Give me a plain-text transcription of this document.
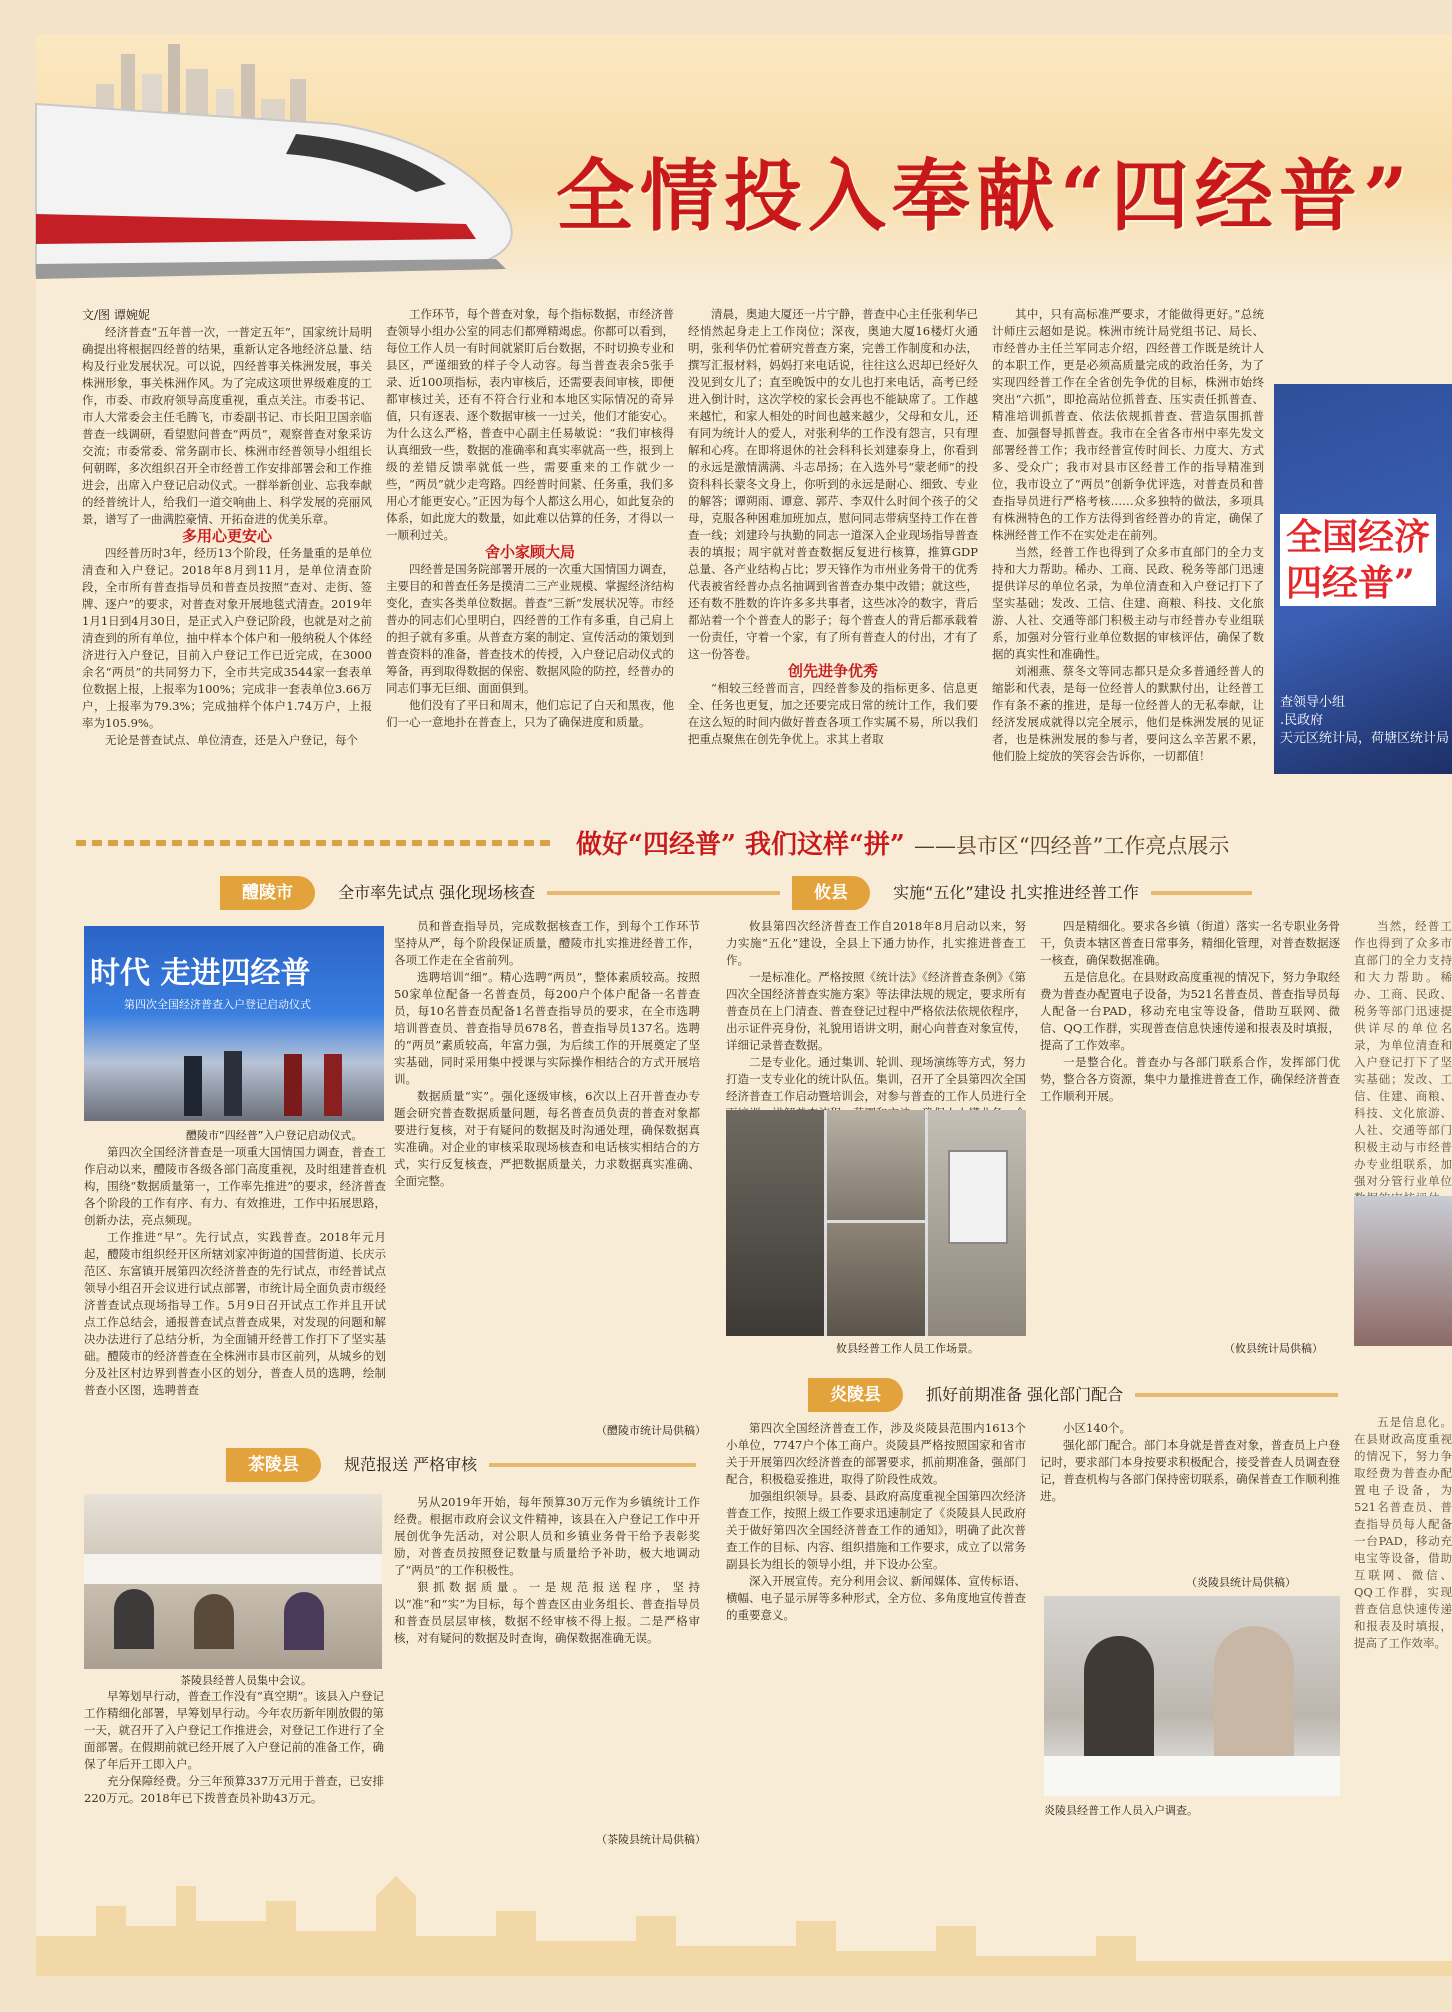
全情投入奉献“四经普”
文/图 谭婉妮

经济普查“五年普一次，一普定五年”，国家统计局明确提出将根据四经普的结果，重新认定各地经济总量、结构及行业发展状况。可以说，四经普事关株洲发展，事关株洲形象，事关株洲作风。为了完成这项世界级难度的工作，市委、市政府领导高度重视，重点关注。市委书记、市人大常委会主任毛腾飞，市委副书记、市长阳卫国亲临普查一线调研，看望慰问普查“两员”，观察普查对象采访交流；市委常委、常务副市长、株洲市经普领导小组组长何朝晖，多次组织召开全市经普工作安排部署会和工作推进会，出席入户登记启动仪式。一群举新创业、忘我奉献的经普统计人，给我们一道交响曲上、科学发展的亮丽风景，谱写了一曲满腔豪情、开拓奋进的优美乐章。

多用心更安心

四经普历时3年，经历13个阶段，任务量重的是单位清查和入户登记。2018年8月到11月，是单位清查阶段，全市所有普查指导员和普查员按照“查对、走街、签牌、逐户”的要求，对普查对象开展地毯式清查。2019年1月1日到4月30日，是正式入户登记阶段，也就是对之前清查到的所有单位，抽中样本个体户和一般纳税人个体经济进行入户登记，目前入户登记工作已近完成，在3000余名“两员”的共同努力下，全市共完成3544家一套表单位数据上报，上报率为100%；完成非一套表单位3.66万户，上报率为79.3%；完成抽样个体户1.74万户，上报率为105.9%。

无论是普查试点、单位清查，还是入户登记，每个

工作环节，每个普查对象，每个指标数据，市经济普查领导小组办公室的同志们都殚精竭虑。你都可以看到，每位工作人员一有时间就紧盯后台数据，不时切换专业和县区，严谨细致的样子令人动容。每当普查表余5张手录、近100项指标，表内审核后，还需要表间审核，即便都审核过关，还有不符合行业和本地区实际情况的奇异值，只有逐表、逐个数据审核一一过关，他们才能安心。为什么这么严格，普查中心副主任易敏说：“我们审核得认真细致一些，数据的准确率和真实率就高一些，报到上级的差错反馈率就低一些，需要重来的工作就少一些，“两员”就少走弯路。四经普时间紧、任务重，我们多用心才能更安心。”正因为每个人都这么用心，如此复杂的体系，如此庞大的数量，如此难以估算的任务，才得以一一顺利过关。

舍小家顾大局

四经普是国务院部署开展的一次重大国情国力调查，主要目的和普查任务是摸清二三产业规模、掌握经济结构变化，查实各类单位数据。普查“三新”发展状况等。市经普办的同志们心里明白，四经普的工作有多重，自己肩上的担子就有多重。从普查方案的制定、宣传活动的策划到普查资料的准备，普查技术的传授，入户登记启动仪式的筹备，再到取得数据的保密、数据风险的防控，经普办的同志们事无巨细、面面俱到。

他们没有了平日和周末，他们忘记了白天和黑夜，他们一心一意地扑在普查上，只为了确保进度和质量。

清晨，奥迪大厦还一片宁静，普查中心主任张利华已经悄然起身走上工作岗位；深夜，奥迪大厦16楼灯火通明，张利华仍忙着研究普查方案，完善工作制度和办法，撰写汇报材料，妈妈打来电话说，往往这么迟却已经好久没见到女儿了；直至晚饭中的女儿也打来电话，高考已经进入倒计时，这次学校的家长会再也不能缺席了。工作越来越忙，和家人相处的时间也越来越少，父母和女儿，还有同为统计人的爱人，对张利华的工作没有怨言，只有理解和心疼。在即将退休的社会科科长刘建泰身上，你看到的永远是激情满满、斗志昂扬；在入选外号“蒙老师”的投资科科长蒙冬文身上，你听到的永远是耐心、细致、专业的解答；谭朔雨、谭意、郭芹、李双什么时间个孩子的父母，克服各种困难加班加点，慰问同志带病坚持工作在普查一线；刘建玲与执勤的同志一道深入企业现场指导普查表的填报；周宇就对普查数据反复进行核算，推算GDP总量、各产业结构占比；罗天锋作为市州业务骨干的优秀代表被省经普办点名抽调到省普查办集中改错；就这些，还有数不胜数的许许多多共事者，这些冰冷的数字，背后都站着一个个普查人的影子；每个普查人的背后都承载着一份责任，守着一个家，有了所有普查人的付出，才有了这一份答卷。

创先进争优秀

“相较三经普而言，四经普参及的指标更多、信息更全、任务也更复，加之还要完成日常的统计工作，我们要在这么短的时间内做好普查各项工作实属不易，所以我们把重点聚焦在创先争优上。求其上者取

其中，只有高标准严要求，才能做得更好。”总统计师庄云超如是说。株洲市统计局党组书记、局长、市经普办主任兰军同志介绍，四经普工作既是统计人的本职工作，更是必须高质量完成的政治任务，为了实现四经普工作在全省创先争优的目标，株洲市始终突出“六抓”，即抢高站位抓普查、压实责任抓普查、精准培训抓普查、依法依规抓普查、营造氛围抓普查、加强督导抓普查。我市在全省各市州中率先发文部署经普工作；我市经普宣传时间长、力度大、方式多、受众广；我市对县市区经普工作的指导精准到位，我市设立了“两员”创新争优评选，对普查员和普查指导员进行严格考核……众多独特的做法，多项具有株洲特色的工作方法得到省经普办的肯定，确保了株洲经普工作不在实处走在前列。

当然，经普工作也得到了众多市直部门的全力支持和大力帮助。稀办、工商、民政、税务等部门迅速提供详尽的单位名录，为单位清查和入户登记打下了坚实基础；发改、工信、住建、商粮、科技、文化旅游、人社、交通等部门积极主动与市经普办专业组联系，加强对分管行业单位数据的审核评估，确保了数据的真实性和准确性。

刘湘燕、蔡冬文等同志都只是众多普通经普人的缩影和代表，是每一位经普人的默默付出，让经普工作有条不紊的推进，是每一位经普人的无私奉献，让经济发展成就得以完全展示，他们是株洲发展的见证者，也是株洲发展的参与者，要问这么辛苦累不累，他们脸上绽放的笑容会告诉你，一切都值！

全国经济
四经普”
查领导小组
.民政府
天元区统计局，荷塘区统计局
做好“四经普” 我们这样“拼” ——县市区“四经普”工作亮点展示
醴陵市	全市率先试点 强化现场核查
时代 走进四经普
第四次全国经济普查入户登记启动仪式
醴陵市“四经普”入户登记启动仪式。

第四次全国经济普查是一项重大国情国力调查，普查工作启动以来，醴陵市各级各部门高度重视，及时组建普查机构，围绕“数据质量第一，工作率先推进”的要求，经济普查各个阶段的工作有序、有力、有效推进，工作中拓展思路，创新办法，亮点频现。

工作推进“早”。先行试点，实践普查。2018年元月起，醴陵市组织经开区所辖刘家冲街道的国营街道、长庆示范区、东富镇开展第四次经济普查的先行试点，市经普试点领导小组召开会议进行试点部署，市统计局全面负责市级经济普查试点现场指导工作。5月9日召开试点工作并且开试点工作总结会，通报普查试点普查成果，对发现的问题和解决办法进行了总结分析，为全面铺开经普工作打下了坚实基础。醴陵市的经济普查在全株洲市县市区前列，从城乡的划分及社区村边界到普查小区的划分，普查人员的选聘，绘制普查小区图，选聘普查

员和普查指导员，完成数据核查工作，到每个工作环节坚持从严，每个阶段保证质量，醴陵市扎实推进经普工作，各项工作走在全省前列。

选聘培训“细”。精心选聘“两员”，整体素质较高。按照50家单位配备一名普查员，每200户个体户配备一名普查员，每10名普查员配备1名普查指导员的要求，在全市选聘培训普查员、普查指导员678名，普查指导员137名。选聘的“两员”素质较高，年富力强，为后续工作的开展奠定了坚实基础，同时采用集中授课与实际操作相结合的方式开展培训。

数据质量“实”。强化逐级审核，6次以上召开普查办专题会研究普查数据质量问题，每名普查员负责的普查对象都要进行复核，对于有疑问的数据及时沟通处理，确保数据真实准确。对企业的审核采取现场核查和电话核实相结合的方式，实行反复核查，严把数据质量关，力求数据真实准确、全面完整。

（醴陵市统计局供稿）
茶陵县	规范报送 严格审核
茶陵县经普人员集中会议。

早筹划早行动，普查工作没有“真空期”。该县入户登记工作精细化部署，早筹划早行动。今年农历新年刚放假的第一天，就召开了入户登记工作推进会，对登记工作进行了全面部署。在假期前就已经开展了入户登记前的准备工作，确保了年后开工即入户。

充分保障经费。分三年预算337万元用于普查，已安排220万元。2018年已下拨普查员补助43万元。

另从2019年开始，每年预算30万元作为乡镇统计工作经费。根据市政府会议文件精神，该县在入户登记工作中开展创优争先活动，对公职人员和乡镇业务骨干给予表彰奖励，对普查员按照登记数量与质量给予补助，极大地调动了“两员”的工作积极性。

狠抓数据质量。一是规范报送程序，坚持以“准”和“实”为目标，每个普查区由业务组长、普查指导员和普查员层层审核，数据不经审核不得上报。二是严格审核，对有疑问的数据及时查询，确保数据准确无误。

（茶陵县统计局供稿）
攸县	实施“五化”建设 扎实推进经普工作

攸县第四次经济普查工作自2018年8月启动以来，努力实施“五化”建设，全县上下通力协作，扎实推进普查工作。

一是标准化。严格按照《统计法》《经济普查条例》《第四次全国经济普查实施方案》等法律法规的规定，要求所有普查员在上门清查、普查登记过程中严格依法依规依程序，出示证件亮身份，礼貌用语讲文明，耐心向普查对象宣传，详细记录普查数据。

二是专业化。通过集训、轮训、现场演练等方式，努力打造一支专业化的统计队伍。集训，召开了全县第四次全国经济普查工作启动暨培训会，对参与普查的工作人员进行全

攸县经普工作人员工作场景。

四是精细化。要求各乡镇（街道）落实一名专职业务骨干，负责本辖区普查日常事务，精细化管理，对普查数据逐一核查，确保数据准确。

五是信息化。在县财政高度重视的情况下，努力争取经费为普查办配置电子设备，为521名普查员、普查指导员每人配备一台PAD，移动充电宝等设备，借助互联网、微信、QQ工作群，实现普查信息快速传递和报表及时填报，提高了工作效率。

一是整合化。普查办与各部门联系合作，发挥部门优势，整合各方资源，集中力量推进普查工作，确保经济普查工作顺利开展。

（攸县统计局供稿）

当然，经普工作也得到了众多市直部门的全力支持和大力帮助。稀办、工商、民政、税务等部门迅速提供详尽的单位名录，为单位清查和入户登记打下了坚实基础；发改、工信、住建、商粮、科技、文化旅游、人社、交通等部门积极主动与市经普办专业组联系，加强对分管行业单位

五是信息化。在县财政高度重视的情况下，努力争取经费为普查办配置电子设备，为521名普查员、普查指导员每人配备一台PAD，移动充电宝等设备，借助互联网、微信、QQ工作群，实现普查信息快速传递和报表及时填报，提高了工作效率。

炎陵县	抓好前期准备 强化部门配合

第四次全国经济普查工作，涉及炎陵县范围内1613个小单位，7747户个体工商户。炎陵县严格按照国家和省市关于开展第四次经济普查的部署要求，抓前期准备，强部门配合，积极稳妥推进，取得了阶段性成效。

加强组织领导。县委、县政府高度重视全国第四次经济普查工作，按照上级工作要求迅速制定了《炎陵县人民政府关于做好第四次全国经济普查工作的通知》，明确了此次普查工作的目标、内容、组织措施和工作要求，成立了以常务副县长为组长的领导小组，并下设办公室。

深入开展宣传。充分利用会议、新闻媒体、宣传标语、横幅、电子显示屏等多种形式，全方位、多角度地宣传普查的重要意义。

小区140个。

强化部门配合。部门本身就是普查对象，普查员上户登记时，要求部门本身按要求积极配合，接受普查人员调查登记，普查机构与各部门保持密切联系，确保普查工作顺利推进。

（炎陵县统计局供稿）
炎陵县经普工作人员入户调查。
